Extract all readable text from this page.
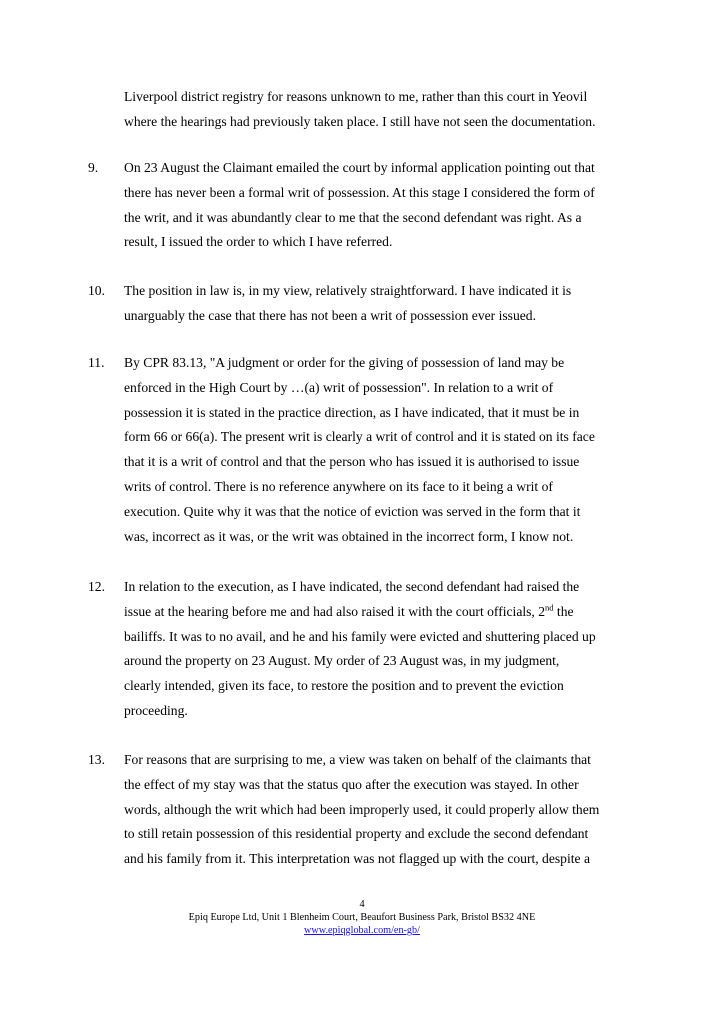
Liverpool district registry for reasons unknown to me, rather than this court in Yeovil
where the hearings had previously taken place. I still have not seen the documentation.
9.	On 23 August the Claimant emailed the court by informal application pointing out that
there has never been a formal writ of possession. At this stage I considered the form of
the writ, and it was abundantly clear to me that the second defendant was right. As a
result, I issued the order to which I have referred.
10.	The position in law is, in my view, relatively straightforward. I have indicated it is
unarguably the case that there has not been a writ of possession ever issued.
11.	By CPR 83.13, "A judgment or order for the giving of possession of land may be
enforced in the High Court by …(a) writ of possession". In relation to a writ of
possession it is stated in the practice direction, as I have indicated, that it must be in
form 66 or 66(a). The present writ is clearly a writ of control and it is stated on its face
that it is a writ of control and that the person who has issued it is authorised to issue
writs of control. There is no reference anywhere on its face to it being a writ of
execution. Quite why it was that the notice of eviction was served in the form that it
was, incorrect as it was, or the writ was obtained in the incorrect form, I know not.
12.	In relation to the execution, as I have indicated, the second defendant had raised the
issue at the hearing before me and had also raised it with the court officials, 2nd the
bailiffs. It was to no avail, and he and his family were evicted and shuttering placed up
around the property on 23 August. My order of 23 August was, in my judgment,
clearly intended, given its face, to restore the position and to prevent the eviction
proceeding.
13.	For reasons that are surprising to me, a view was taken on behalf of the claimants that
the effect of my stay was that the status quo after the execution was stayed. In other
words, although the writ which had been improperly used, it could properly allow them
to still retain possession of this residential property and exclude the second defendant
and his family from it. This interpretation was not flagged up with the court, despite a
4
Epiq Europe Ltd, Unit 1 Blenheim Court, Beaufort Business Park, Bristol BS32 4NE
www.epiqglobal.com/en-gb/
